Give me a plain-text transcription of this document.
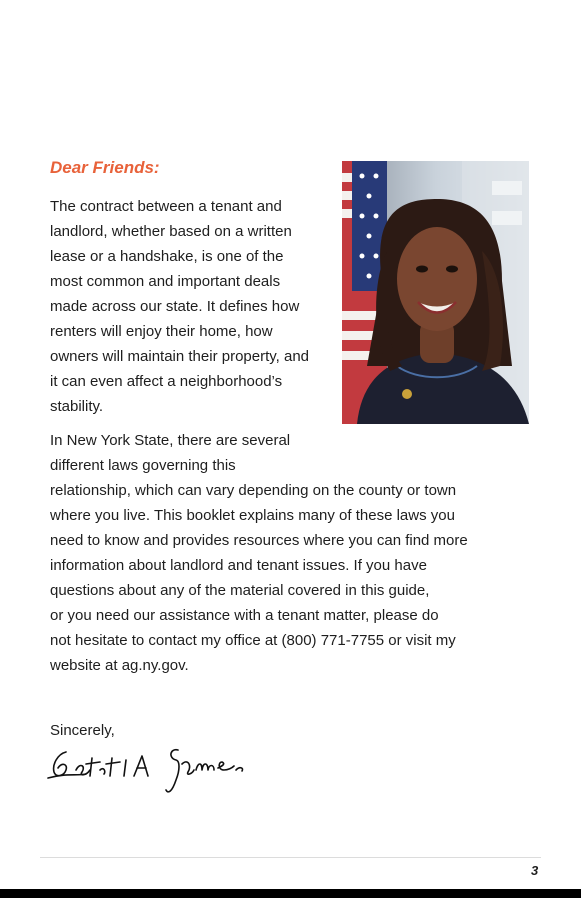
Dear Friends:

The contract between a tenant and landlord, whether based on a written lease or a handshake, is one of the most common and important deals made across our state. It defines how renters will enjoy their home, how owners will maintain their property, and it can even affect a neighborhood’s stability.

In New York State, there are several
different laws governing this
relationship, which can vary depending on the county or town
where you live. This booklet explains many of these laws you
need to know and provides resources where you can find more
information about landlord and tenant issues. If you have
questions about any of the material covered in this guide,
or you need our assistance with a tenant matter, please do
not hesitate to contact my office at (800) 771-7755 or visit my
website at ag.ny.gov.

Sincerely,

3
